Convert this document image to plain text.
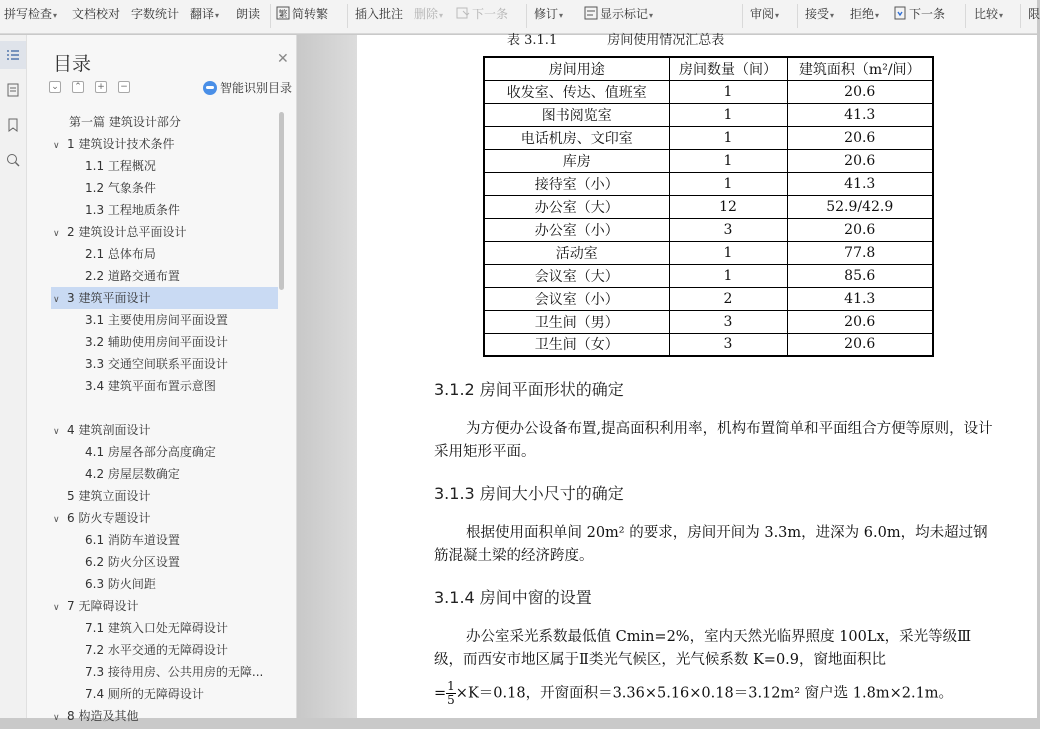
拼写检查▾ 文档校对 字数统计 翻译▾ 朗读 繁 简转繁 插入批注 删除▾	下一条 修订▾	显示标记▾	审阅▾ 接受▾ 拒绝▾	下一条 比较▾ 限
目录	✕
⌄ ⌃ + −	智能识别目录
第一篇 建筑设计部分
∨ 1 建筑设计技术条件
1.1 工程概况
1.2 气象条件
1.3 工程地质条件
∨ 2 建筑设计总平面设计
2.1 总体布局
2.2 道路交通布置
∨ 3 建筑平面设计
3.1 主要使用房间平面设置
3.2 辅助使用房间平面设计
3.3 交通空间联系平面设计
3.4 建筑平面布置示意图
∨ 4 建筑剖面设计
4.1 房屋各部分高度确定
4.2 房屋层数确定
5 建筑立面设计
∨ 6 防火专题设计
6.1 消防车道设置
6.2 防火分区设置
6.3 防火间距
∨ 7 无障碍设计
7.1 建筑入口处无障碍设计
7.2 水平交通的无障碍设计
7.3 接待用房、公共用房的无障...
7.4 厕所的无障碍设计
∨ 8 构造及其他
表 3.1.1	房间使用情况汇总表
房间用途	房间数量（间）	建筑面积（m²/间）
收发室、传达、值班室	1	20.6
图书阅览室	1	41.3
电话机房、文印室	1	20.6
库房	1	20.6
接待室（小）	1	41.3
办公室（大）	12	52.9/42.9
办公室（小）	3	20.6
活动室	1	77.8
会议室（大）	1	85.6
会议室（小）	2	41.3
卫生间（男）	3	20.6
卫生间（女）	3	20.6
3.1.2 房间平面形状的确定
为方便办公设备布置,提高面积利用率，机构布置简单和平面组合方便等原则，设计采用矩形平面。
3.1.3 房间大小尺寸的确定
根据使用面积单间 20m² 的要求，房间开间为 3.3m，进深为 6.0m，均未超过钢筋混凝土梁的经济跨度。
3.1.4 房间中窗的设置
办公室采光系数最低值 Cmin=2%，室内天然光临界照度 100Lx，采光等级Ⅲ级，而西安市地区属于Ⅱ类光气候区，光气候系数 K=0.9，窗地面积比
= $\frac{1}{5} \times K=0.18$，开窗面积＝3.36×5.16×0.18＝3.12m² 窗户选 1.8m×2.1m。
